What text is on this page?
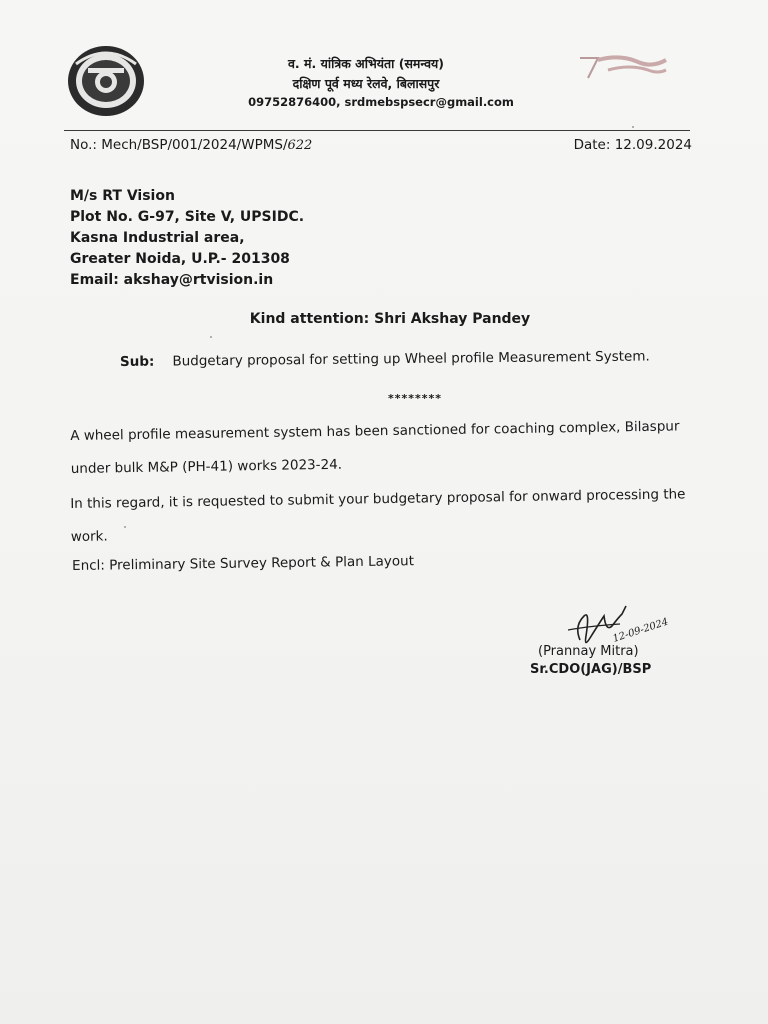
व. मं. यांत्रिक अभियंता (समन्वय)
दक्षिण पूर्व मध्य रेलवे, बिलासपुर
09752876400, srdmebspsecr@gmail.com
No.: Mech/BSP/001/2024/WPMS/622	Date: 12.09.2024
M/s RT Vision
Plot No. G-97, Site V, UPSIDC.
Kasna Industrial area,
Greater Noida, U.P.- 201308
Email: akshay@rtvision.in
Kind attention: Shri Akshay Pandey
Sub: Budgetary proposal for setting up Wheel profile Measurement System.
********
A wheel profile measurement system has been sanctioned for coaching complex, Bilaspur under bulk M&P (PH-41) works 2023-24.
In this regard, it is requested to submit your budgetary proposal for onward processing the work.
Encl: Preliminary Site Survey Report & Plan Layout
12-09-2024
(Prannay Mitra)
Sr.CDO(JAG)/BSP
